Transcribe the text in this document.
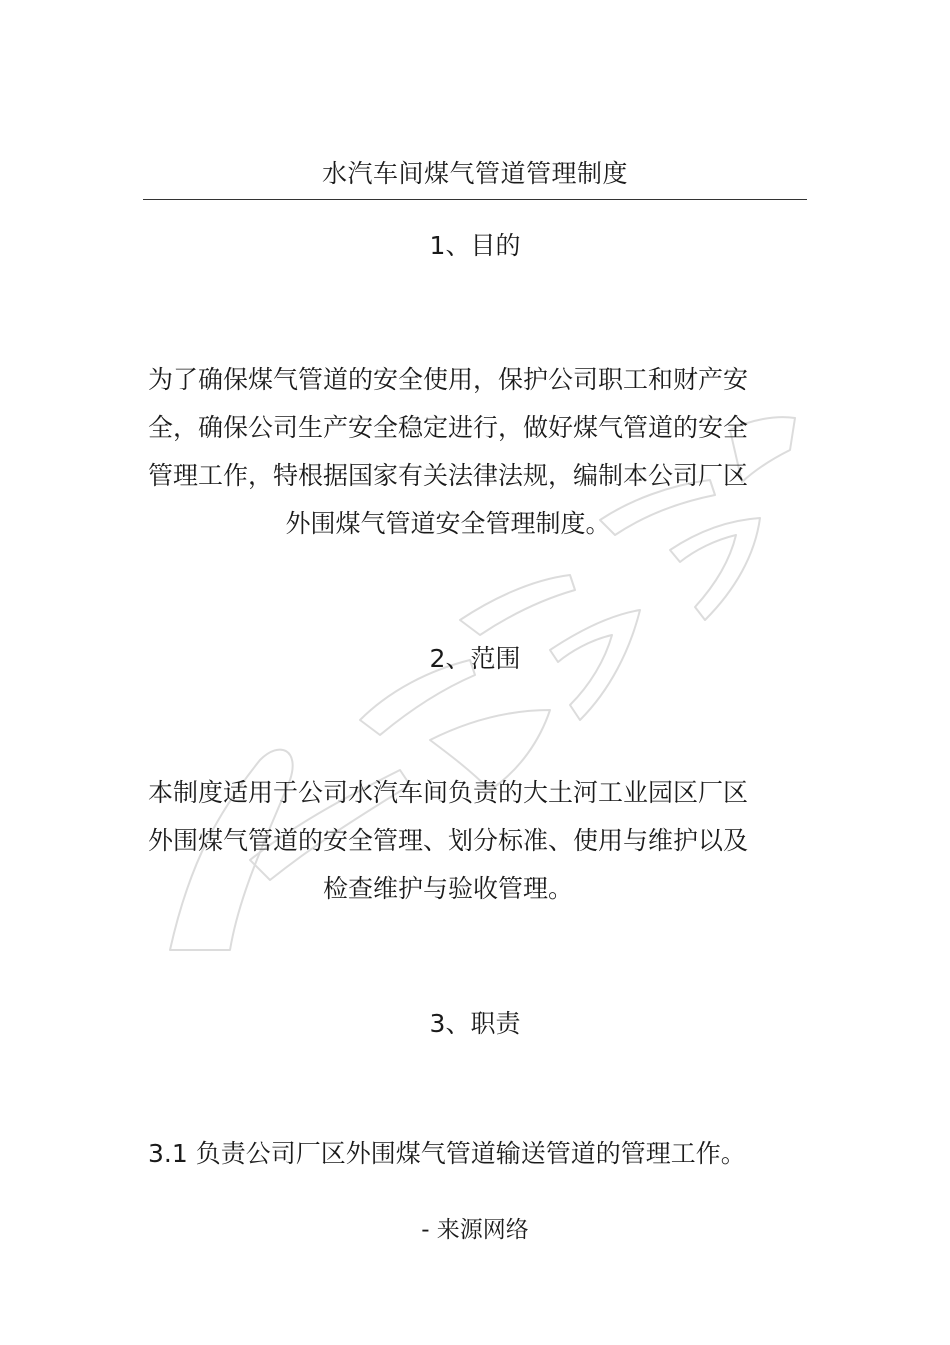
水汽车间煤气管道管理制度
1、目的
为了确保煤气管道的安全使用，保护公司职工和财产安
全，确保公司生产安全稳定进行，做好煤气管道的安全
管理工作，特根据国家有关法律法规，编制本公司厂区
外围煤气管道安全管理制度。
2、范围
本制度适用于公司水汽车间负责的大土河工业园区厂区
外围煤气管道的安全管理、划分标准、使用与维护以及
检查维护与验收管理。
3、职责
3.1 负责公司厂区外围煤气管道输送管道的管理工作。
- 来源网络
